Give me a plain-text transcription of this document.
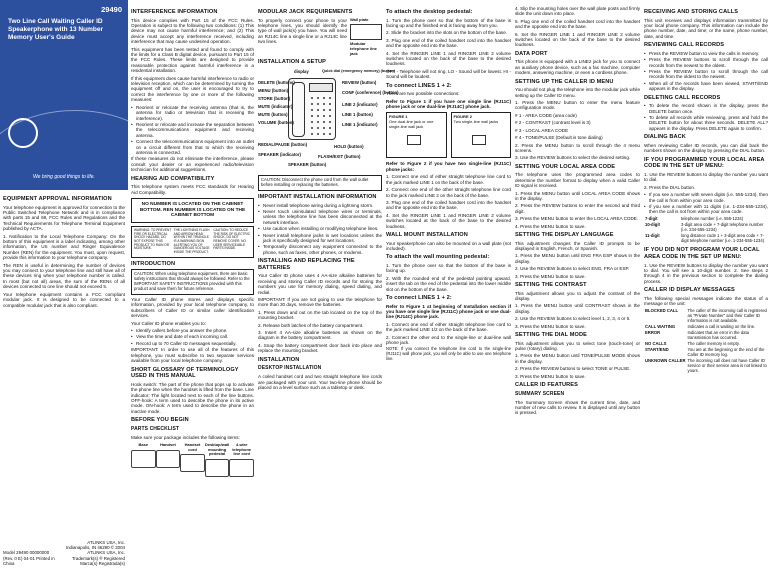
29490
Two Line Call Waiting Caller ID Speakerphone with 13 Number Memory User's Guide
We bring good things to life.
EQUIPMENT APPROVAL INFORMATION

Your telephone equipment is approved for connection to the Public Switched Telephone Network and is in compliance with parts 15 and 68, FCC Rules and Regulations and the Technical Requirements for Telephone Terminal Equipment published by ACTA.

1. Notification to the Local Telephone Company: On the bottom of this equipment is a label indicating, among other information, the US number and Ringer Equivalence Number (REN) for the equipment. You must, upon request, provide this information to your telephone company.

The REN is useful in determining the number of devices you may connect to your telephone line and still have all of these devices ring when your telephone number is called. In most (but not all) areas, the sum of the RENs of all devices connected to one line should not exceed 5.

Your telephone equipment contains a FCC compliant modular jack. It is designed to be connected to a compatible modular jack that is also compliant.

Model 29490 00000000 (Rev. 0 E) 04-01 Printed in China
ATLINKS USA, Inc. Indianapolis, IN 46290 © 2004 ATLINKS USA, Inc. Trademark(s) ® Registered Marca(s) Registrada(s)
INTERFERENCE INFORMATION

This device complies with Part 15 of the FCC Rules. Operation is subject to the following two conditions: (1) This device may not cause harmful interference; and (2) This device must accept any interference received, including interference that may cause undesired operation.

This equipment has been tested and found to comply with the limits for a Class B digital device, pursuant to Part 15 of the FCC Rules. These limits are designed to provide reasonable protection against harmful interference in a residential installation.

If this equipment does cause harmful interference to radio or television reception, which can be determined by turning the equipment off and on, the user is encouraged to try to correct the interference by one or more of the following measures:

• Reorient or relocate the receiving antenna (that is, the antenna for radio or television that is receiving the interference).
• Reorient or relocate and increase the separation between the telecommunications equipment and receiving antenna.
• Connect the telecommunications equipment into an outlet on a circuit different from that to which the receiving antenna is connected.

If these measures do not eliminate the interference, please consult your dealer or an experienced radio/television technician for additional suggestions.

HEARING AID COMPATIBILITY

This telephone system meets FCC standards for Hearing Aid Compatibility.

NO NUMBER IS LOCATED ON THE CABINET BOTTOM. REN NUMBER IS LOCATED ON THE CABINET BOTTOM
WARNING: TO PREVENT FIRE OR ELECTRICAL SHOCK HAZARD, DO NOT EXPOSE THIS PRODUCT TO RAIN OR MOISTURE.
THE LIGHTNING FLASH AND ARROW HEAD WITHIN THE TRIANGLE IS A WARNING SIGN ALERTING YOU OF DANGEROUS VOLTAGE INSIDE THE PRODUCT.
CAUTION: TO REDUCE THE RISK OF ELECTRIC SHOCK, DO NOT REMOVE COVER. NO USER SERVICEABLE PARTS INSIDE.
INTRODUCTION
CAUTION: When using telephone equipment, there are basic safety instructions that should always be followed. Refer to the IMPORTANT SAFETY INSTRUCTIONS provided with this product and save them for future reference.

Your Caller ID phone stores and displays specific information, provided by your local telephone company, to subscribers of Caller ID or similar caller identification services.

Your Caller ID phone enables you to:

• Identify callers before you answer the phone.
• View the time and date of each incoming call.
• Record up to 70 Caller ID messages sequentially.

IMPORTANT: In order to use all of the features of this telephone, you must subscribe to two separate services available from your local telephone company.

SHORT GLOSSARY OF TERMINOLOGY USED IN THIS MANUAL

Hook switch: The part of the phone that pops up to activate the phone line when the handset is lifted from the base. Line indicator: The light located next to each of the line buttons. OFF-hook: A term used to describe the phone in its active mode. ON-hook: A term used to describe the phone in an inactive mode.

BEFORE YOU BEGIN
PARTS CHECKLIST

Make sure your package includes the following items:

Base	Handset	Handset cord
Desktop/wall mounting pedestal
4-wire telephone line cord
MODULAR JACK REQUIREMENTS

To properly connect your phone to your telephone lines, you should identify the type of wall jack(s) you have. You will need an RJ14C line a single line or a RJ14C line two lines.

Wall plate
Modular telephone line jack
INSTALLATION & SETUP
display
DELETE (buttons)
MENU (button)
STORE (button)
MUTE (indicator)
MUTE (button)
VOLUME (button)
REDIAL/PAUSE (button)
SPEAKER (indicator)
SPEAKER (button)
Quick dial (emergency memory) (button)
REVIEW (button)
CONF (conference) (button)
LINE 2 (indicator)
LINE 1 (button)
LINE 1 (indicator)
HOLD (button)
FLASH/EXIT (button)
CAUTION: Disconnect the phone cord from the wall outlet before installing or replacing the batteries.
IMPORTANT INSTALLATION INFORMATION
• Never install telephone wiring during a lightning storm.
• Never touch uninsulated telephone wires or terminals, unless the telephone line has been disconnected at the network interface.
• Use caution when installing or modifying telephone lines.
• Never install telephone jacks in wet locations unless the jack is specifically designed for wet locations.
• Temporarily disconnect any equipment connected to the phone, such as faxes, other phones, or modems.
INSTALLING AND REPLACING THE BATTERIES

Your Caller ID phone uses 4 AA-size alkaline batteries for receiving and storing Caller ID records and for storing the numbers you use for memory dialing, speed dialing, and redial.

IMPORTANT: If you are not going to use the telephone for more than 30 days, remove the batteries.

1. Press down and out on the tab located on the top of the mounting bracket.

2. Release both latches of the battery compartment.

3. Insert 4 AA-size alkaline batteries as shown on the diagram in the battery compartment.

4. Snap the battery compartment door back into place and replace the mounting bracket.

INSTALLATION
DESKTOP INSTALLATION

A coiled handset cord and two straight telephone line cords are packaged with your unit. Your two-line phone should be placed on a level surface such as a tabletop or desk.

To attach the desktop pedestal:

1. Turn the phone over so that the bottom of the base is facing up and the finished end is facing away from you.

2. Slide the bracket into the slots on the bottom of the base.

3. Plug one end of the coiled handset cord into the handset and the opposite end into the base.

4. Set the RINGER LINE 1 and RINGER LINE 2 volume switches located on the back of the base to the desired loudness.

OFF - Telephone will not ring. LO - Sound will be lowest. HI - Sound will be loudest.

To connect LINES 1 + 2:

There are two possible connections:

Refer to Figure 1 if you have one single line (RJ11C) phone jack or one dual-line (RJ14C) phone jack.

FIGURE 1
One dual-line jack or one single-line wall jack
FIGURE 2
Two single-line wall jacks

Refer to Figure 2 if you have two single-line (RJ11C) phone jacks:

1. Connect one end of either straight telephone line cord to the jack marked LINE 1 on the back of the base.

2. Connect one end of the other straight telephone line cord to the jack marked LINE 2 on the back of the base.

3. Plug one end of the coiled handset cord into the handset and the opposite end into the base.

4. Set the RINGER LINE 1 and RINGER LINE 2 volume switches located at the back of the base to the desired loudness.

WALL MOUNT INSTALLATION

Your speakerphone can also be mounted on a wall plate (not included).

To attach the wall mounting pedestal:

1. Turn the phone over so that the bottom of the base is facing up.

2. With the rounded end of the pedestal pointing upward, insert the tab on the end of the pedestal into the lower middle slot on the bottom of the base.

To connect LINES 1 + 2:

Refer to Figure 1 at beginning of Installation section if you have one single line (RJ11C) phone jack or one dual-line (RJ14C) phone jack.

1. Connect one end of either straight telephone line cord to the jack marked LINE 1/2 on the back of the base.

2. Connect the other end to the single-line or dual-line wall phone jack.

NOTE: If you connect the telephone line cord to the single-line (RJ11C) wall phone jack, you will only be able to use one telephone line.

4. Slip the mounting holes over the wall plate posts and firmly slide the unit down into place.

5. Plug one end of the coiled handset cord into the handset and the opposite end into the base.

6. Set the RINGER LINE 1 and RINGER LINE 2 volume switches located on the back of the base to the desired loudness.

DATA PORT

This phone is equipped with a LINE2 jack for you to connect an auxiliary phone device, such as a fax machine, computer modem, answering machine, or even a cordless phone.

SETTING UP THE CALLER ID MENU

You should not plug the telephone into the modular jack while setting up the Caller ID menu.

1. Press the MENU button to enter the menu feature configuration mode.

# 1 - AREA CODE (area code)

# 2 - CONTRAST (contrast level is 3)

# 3 - LOCAL AREA CODE

# 4 - TONE/PULSE (Default is tone dialing)

2. Press the MENU button to scroll through the 4 menu screens.

3. Use the REVIEW buttons to select the desired setting.

SETTING YOUR LOCAL AREA CODE

The telephone uses the programmed area codes to determine the number format to display when a valid Caller ID signal is received.

1. Press the MENU button until LOCAL AREA CODE shows in the display.

2. Press the REVIEW buttons to enter the second and third digit.

3. Press the MENU button to enter the LOCAL AREA CODE.

4. Press the MENU button to save.

SETTING THE DISPLAY LANGUAGE

This adjustment changes the Caller ID prompts to be displayed in English, French, or Spanish.

1. Press the MENU button until ENG FRA ESP shows in the display.

2. Use the REVIEW buttons to select ENG, FRA or ESP.

3. Press the MENU button to save.

SETTING THE CONTRAST

This adjustment allows you to adjust the contrast of the display.

1. Press the MENU button until CONTRAST shows in the display.

2. Use the REVIEW buttons to select level 1, 2, 3, 4 or 5.

3. Press the MENU button to save.

SETTING THE DIAL MODE

This adjustment allows you to select tone (touch-tone) or pulse (rotary) dialing.

1. Press the MENU button until TONE/PULSE MODE shows in the display.

2. Press the REVIEW buttons to select TONE or PULSE.

3. Press the MENU button to save.

CALLER ID FEATURES
SUMMARY SCREEN

The Summary Screen shows the current time, date, and number of new calls to review. It is displayed until any button is pressed.

RECEIVING AND STORING CALLS

This unit receives and displays information transmitted by your local phone company. This information can include the phone number, date, and time; or the name, phone number, date, and time.

REVIEWING CALL RECORDS
• Press the REVIEW button to view the calls in memory.
• Press the REVIEW buttons to scroll through the call records from the newest to the oldest.
• Press the REVIEW button to scroll through the call records from the oldest to the newest.
• When all of the records have been viewed, START/END appears in the display.
DELETING CALL RECORDS
• To delete the record shown in the display, press the DELETE button once.
• To delete all records while reviewing, press and hold the DELETE button for about three seconds. DELETE ALL? appears in the display. Press DELETE again to confirm.
DIALING BACK

When reviewing Caller ID records, you can dial back the numbers shown on the display by pressing the DIAL button.

IF YOU PROGRAMMED YOUR LOCAL AREA CODE IN THE SET UP MENU:

1. Use the REVIEW buttons to display the number you want to dial.

2. Press the DIAL button.

• If you see a number with seven digits (i.e. 555-1234), then the call is from within your area code.
• If you see a number with 11 digits (i.e. 1-234-555-1234), then the call is not from within your area code.
7-digit	telephone number (i.e. 555-1234)
10-digit	3-digit area code + 7-digit telephone number (i.e. 234-555-1234)
11-digit	long distance code 1 + 3-digit area code + 7-digit telephone number (i.e. 1-234-555-1234)
IF YOU DID NOT PROGRAM YOUR LOCAL AREA CODE IN THE SET UP MENU:

1. Use the REVIEW buttons to display the number you want to dial. You will see a 10-digit number. 2. See steps 2 through 4 in the previous section to complete the dialing process.

CALLER ID DISPLAY MESSAGES

The following special messages indicate the status of a message or the unit:

BLOCKED CALL	The caller of the incoming call is registered as "Private Number" and their Caller ID information is not available.
CALL WAITING	Indicates a call is waiting on the line.
ERROR	Indicates that an error in the data transmission has occurred.
NO CALLS	The caller memory is empty.
START/END	You are at the beginning or the end of the Caller ID memory log.
UNKNOWN CALLER	The incoming call does not have Caller ID service or their service area is not linked to yours.
